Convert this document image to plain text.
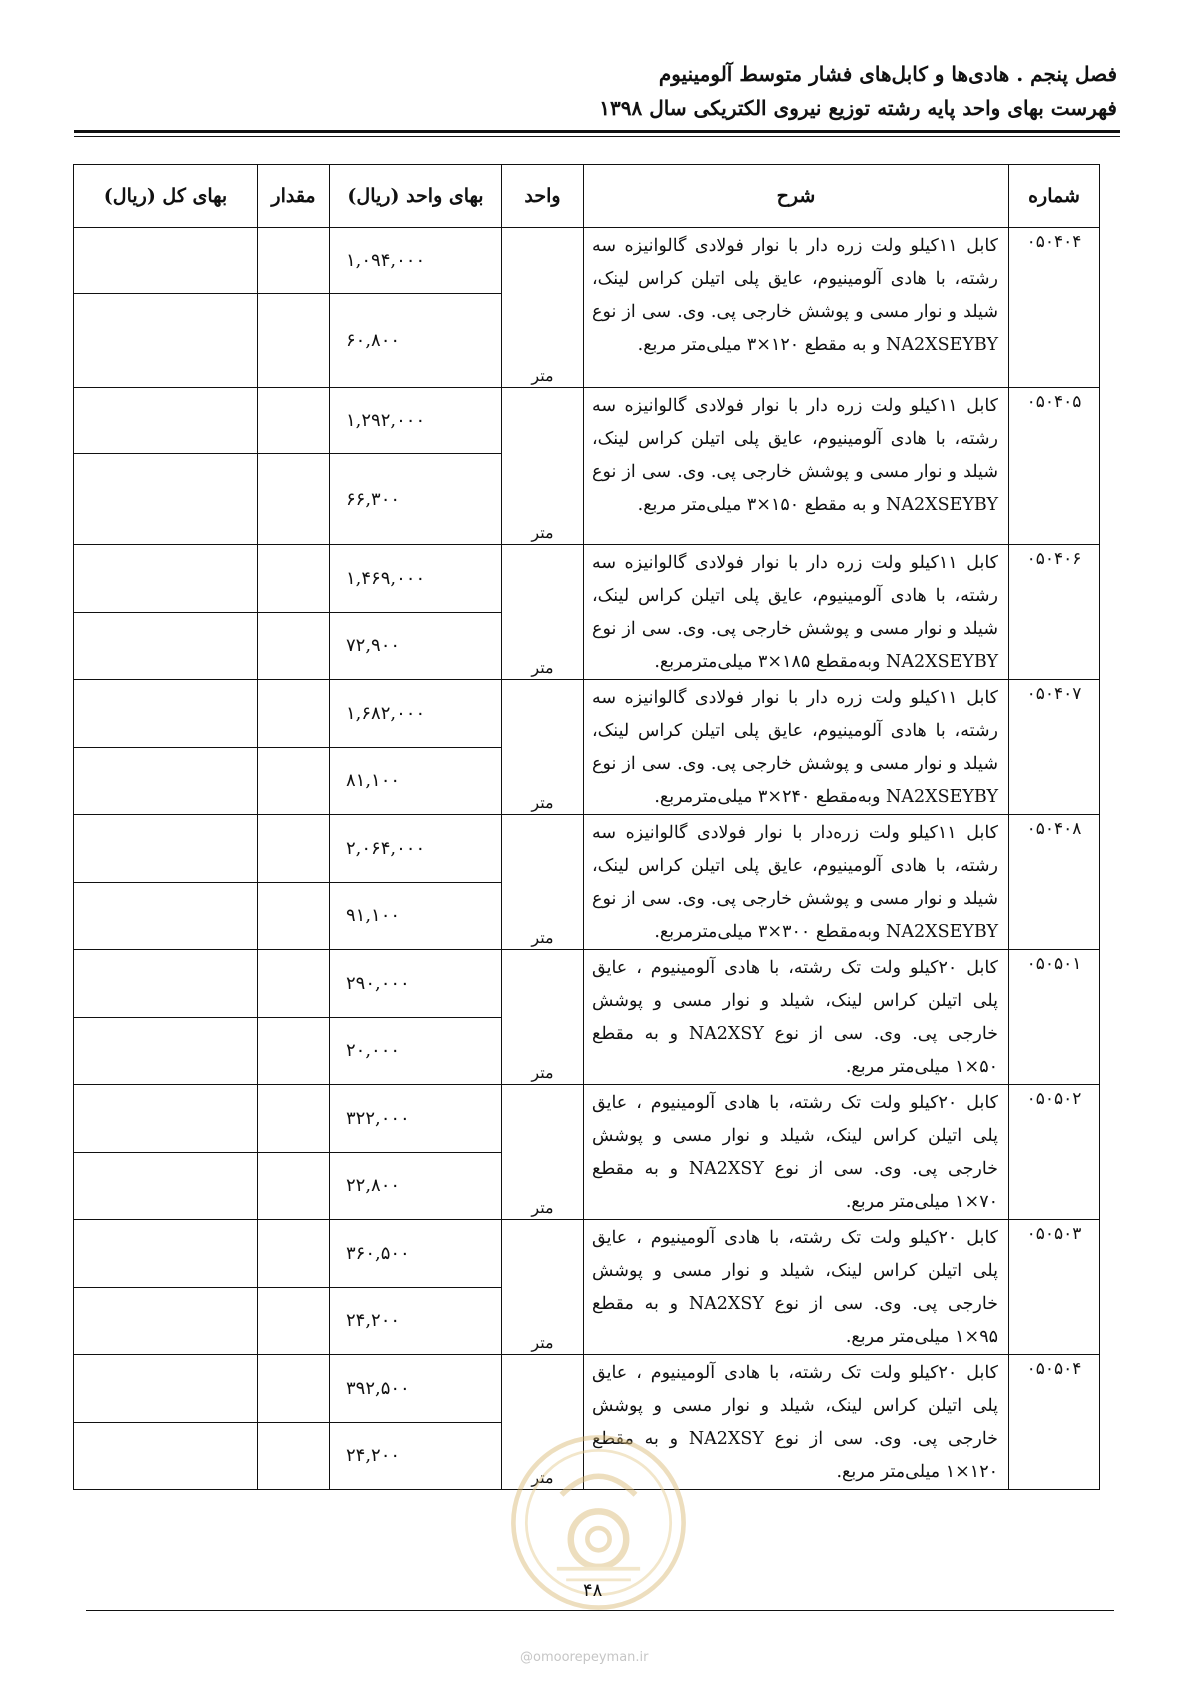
فصل پنجم . هادی‌ها و کابل‌های فشار متوسط آلومینیوم
فهرست بهای واحد پایه رشته توزیع نیروی الکتریکی سال ۱۳۹۸
شماره	شرح	واحد	بهای واحد (ریال)	مقدار	بهای کل (ریال)
۰۵۰۴۰۴	کابل ۱۱کیلو ولت زره دار با نوار فولادی گالوانیزه سه رشته، با هادی آلومینیوم، عایق پلی اتیلن کراس لینک، شیلد و نوار مسی و پوشش خارجی پی. وی. سی از نوع NA2XSEYBY و به مقطع ۱۲۰×۳ میلی‌متر مربع.	متر	۱,۰۹۴,۰۰۰		
			۶۰,۸۰۰		
۰۵۰۴۰۵	کابل ۱۱کیلو ولت زره دار با نوار فولادی گالوانیزه سه رشته، با هادی آلومینیوم، عایق پلی اتیلن کراس لینک، شیلد و نوار مسی و پوشش خارجی پی. وی. سی از نوع NA2XSEYBY و به مقطع ۱۵۰×۳ میلی‌متر مربع.	متر	۱,۲۹۲,۰۰۰		
			۶۶,۳۰۰		
۰۵۰۴۰۶	کابل ۱۱کیلو ولت زره دار با نوار فولادی گالوانیزه سه رشته، با هادی آلومینیوم، عایق پلی اتیلن کراس لینک، شیلد و نوار مسی و پوشش خارجی پی. وی. سی از نوع NA2XSEYBY وبه‌مقطع ۱۸۵×۳ میلی‌مترمربع.	متر	۱,۴۶۹,۰۰۰		
			۷۲,۹۰۰		
۰۵۰۴۰۷	کابل ۱۱کیلو ولت زره دار با نوار فولادی گالوانیزه سه رشته، با هادی آلومینیوم، عایق پلی اتیلن کراس لینک، شیلد و نوار مسی و پوشش خارجی پی. وی. سی از نوع NA2XSEYBY وبه‌مقطع ۲۴۰×۳ میلی‌مترمربع.	متر	۱,۶۸۲,۰۰۰		
			۸۱,۱۰۰		
۰۵۰۴۰۸	کابل ۱۱کیلو ولت زره‌دار با نوار فولادی گالوانیزه سه رشته، با هادی آلومینیوم، عایق پلی اتیلن کراس لینک، شیلد و نوار مسی و پوشش خارجی پی. وی. سی از نوع NA2XSEYBY وبه‌مقطع ۳۰۰×۳ میلی‌مترمربع.	متر	۲,۰۶۴,۰۰۰		
			۹۱,۱۰۰		
۰۵۰۵۰۱	کابل ۲۰کیلو ولت تک رشته، با هادی آلومینیوم ، عایق پلی اتیلن کراس لینک، شیلد و نوار مسی و پوشش خارجی پی. وی. سی از نوع NA2XSY و به مقطع ۵۰×۱ میلی‌متر مربع.	متر	۲۹۰,۰۰۰		
			۲۰,۰۰۰		
۰۵۰۵۰۲	کابل ۲۰کیلو ولت تک رشته، با هادی آلومینیوم ، عایق پلی اتیلن کراس لینک، شیلد و نوار مسی و پوشش خارجی پی. وی. سی از نوع NA2XSY و به مقطع ۷۰×۱ میلی‌متر مربع.	متر	۳۲۲,۰۰۰		
			۲۲,۸۰۰		
۰۵۰۵۰۳	کابل ۲۰کیلو ولت تک رشته، با هادی آلومینیوم ، عایق پلی اتیلن کراس لینک، شیلد و نوار مسی و پوشش خارجی پی. وی. سی از نوع NA2XSY و به مقطع ۹۵×۱ میلی‌متر مربع.	متر	۳۶۰,۵۰۰		
			۲۴,۲۰۰		
۰۵۰۵۰۴	کابل ۲۰کیلو ولت تک رشته، با هادی آلومینیوم ، عایق پلی اتیلن کراس لینک، شیلد و نوار مسی و پوشش خارجی پی. وی. سی از نوع NA2XSY و به مقطع ۱۲۰×۱ میلی‌متر مربع.	متر	۳۹۲,۵۰۰		
			۲۴,۲۰۰		
۴۸
@omoorepeyman.ir
